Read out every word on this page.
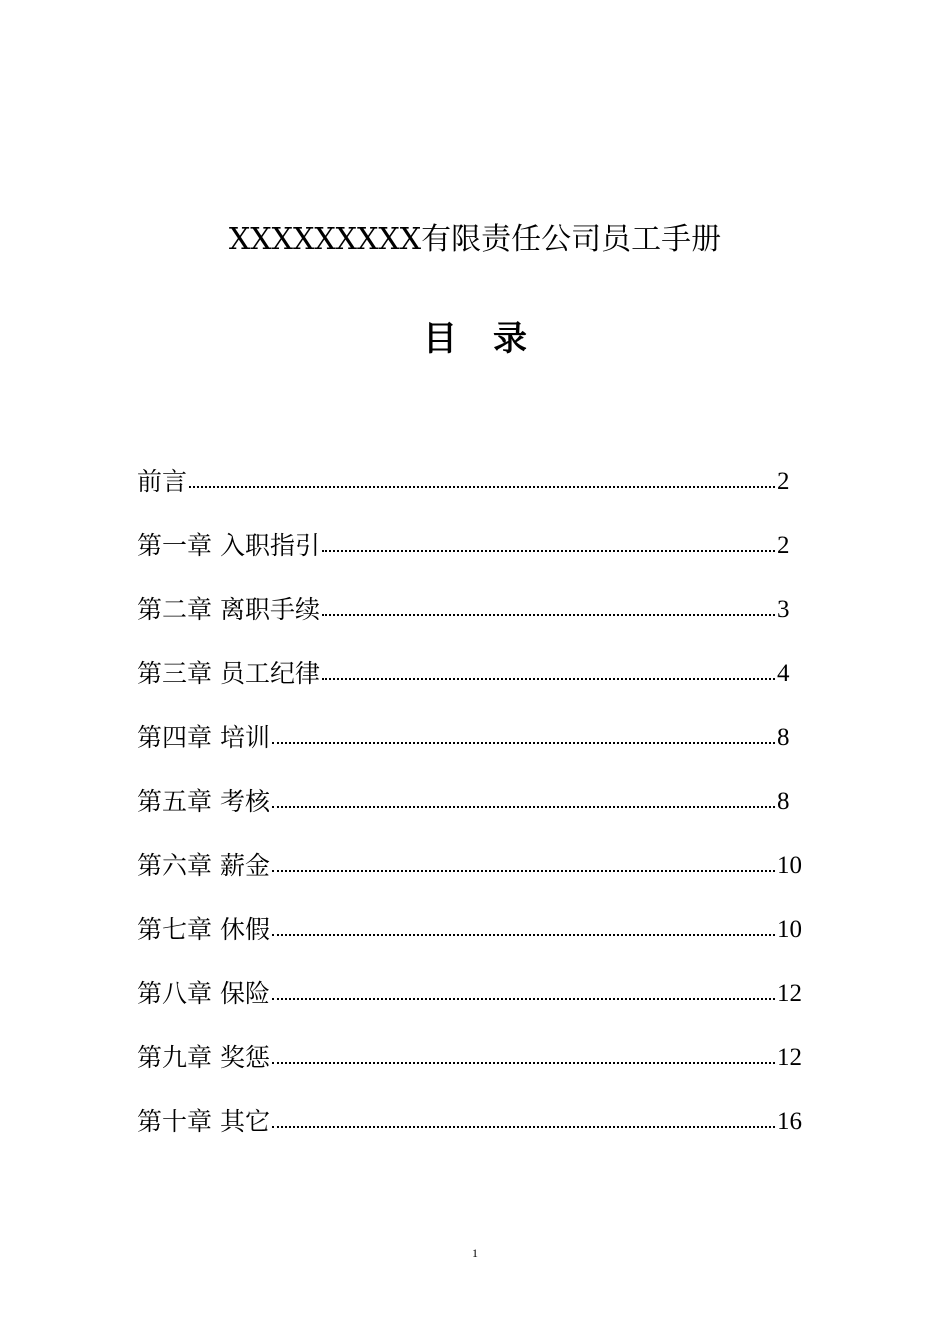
XXXXXXXXX有限责任公司员工手册
目录
前言	2
第一章 入职指引	2
第二章 离职手续	3
第三章 员工纪律	4
第四章 培训	8
第五章 考核	8
第六章 薪金	10
第七章 休假	10
第八章 保险	12
第九章 奖惩	12
第十章 其它	16
1
